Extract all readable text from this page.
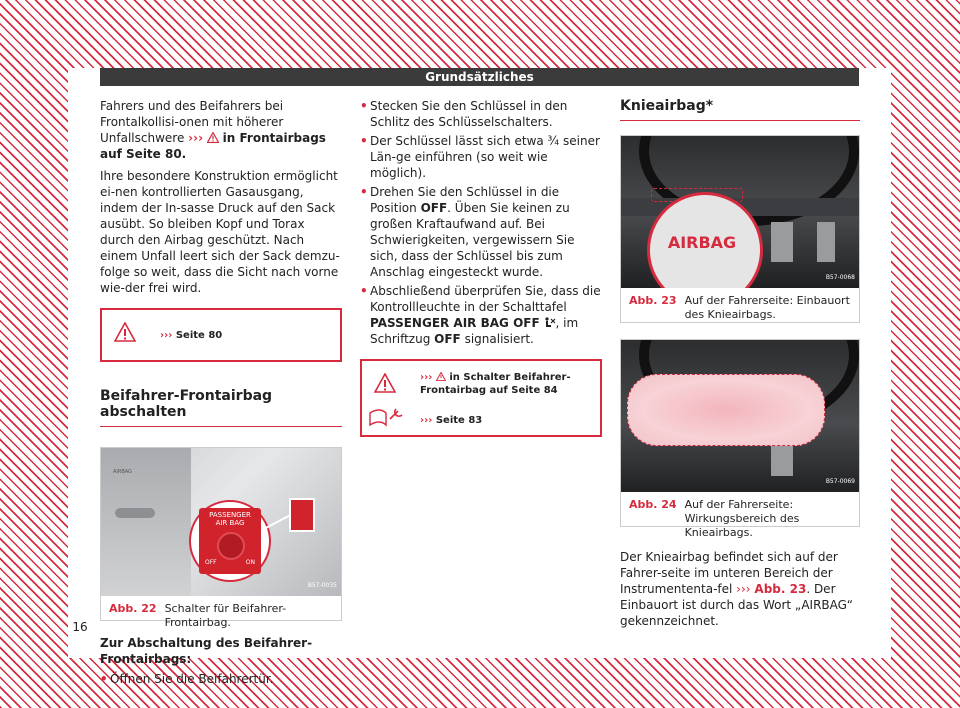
Grundsätzliches

Fahrers und des Beifahrers bei Frontalkollisi-onen mit höherer Unfallschwere ››› in Frontairbags auf Seite 80.

Ihre besondere Konstruktion ermöglicht ei-nen kontrollierten Gasausgang, indem der In-sasse Druck auf den Sack ausübt. So bleiben Kopf und Torax durch den Airbag geschützt. Nach einem Unfall leert sich der Sack demzu-folge so weit, dass die Sicht nach vorne wie-der frei wird.

››› Seite 80
Beifahrer-Frontairbag abschalten
AIRBAG
PASSENGER
AIR BAG
OFF	ON
B57-0035
Abb. 22 Schalter für Beifahrer-Frontairbag.

Zur Abschaltung des Beifahrer-Frontairbags:

• Öffnen Sie die Beifahrertür.
• Stecken Sie den Schlüssel in den Schlitz des Schlüsselschalters.
• Der Schlüssel lässt sich etwa ¾ seiner Län-ge einführen (so weit wie möglich).
• Drehen Sie den Schlüssel in die Position OFF. Üben Sie keinen zu großen Kraftaufwand auf. Bei Schwierigkeiten, vergewissern Sie sich, dass der Schlüssel bis zum Anschlag eingesteckt wurde.
• Abschließend überprüfen Sie, dass die Kontrollleuchte in der Schalttafel PASSENGER AIR BAG OFF , im Schriftzug OFF signalisiert.
››› in Schalter Beifahrer-Frontairbag auf Seite 84
››› Seite 83
Knieairbag*
AIRBAG
B57-0068
Abb. 23 Auf der Fahrerseite: Einbauort des Knieairbags.
B57-0069
Abb. 24 Auf der Fahrerseite: Wirkungsbereich des Knieairbags.

Der Knieairbag befindet sich auf der Fahrer-seite im unteren Bereich der Instrumententa-fel ››› Abb. 23. Der Einbauort ist durch das Wort „AIRBAG“ gekennzeichnet.

16
